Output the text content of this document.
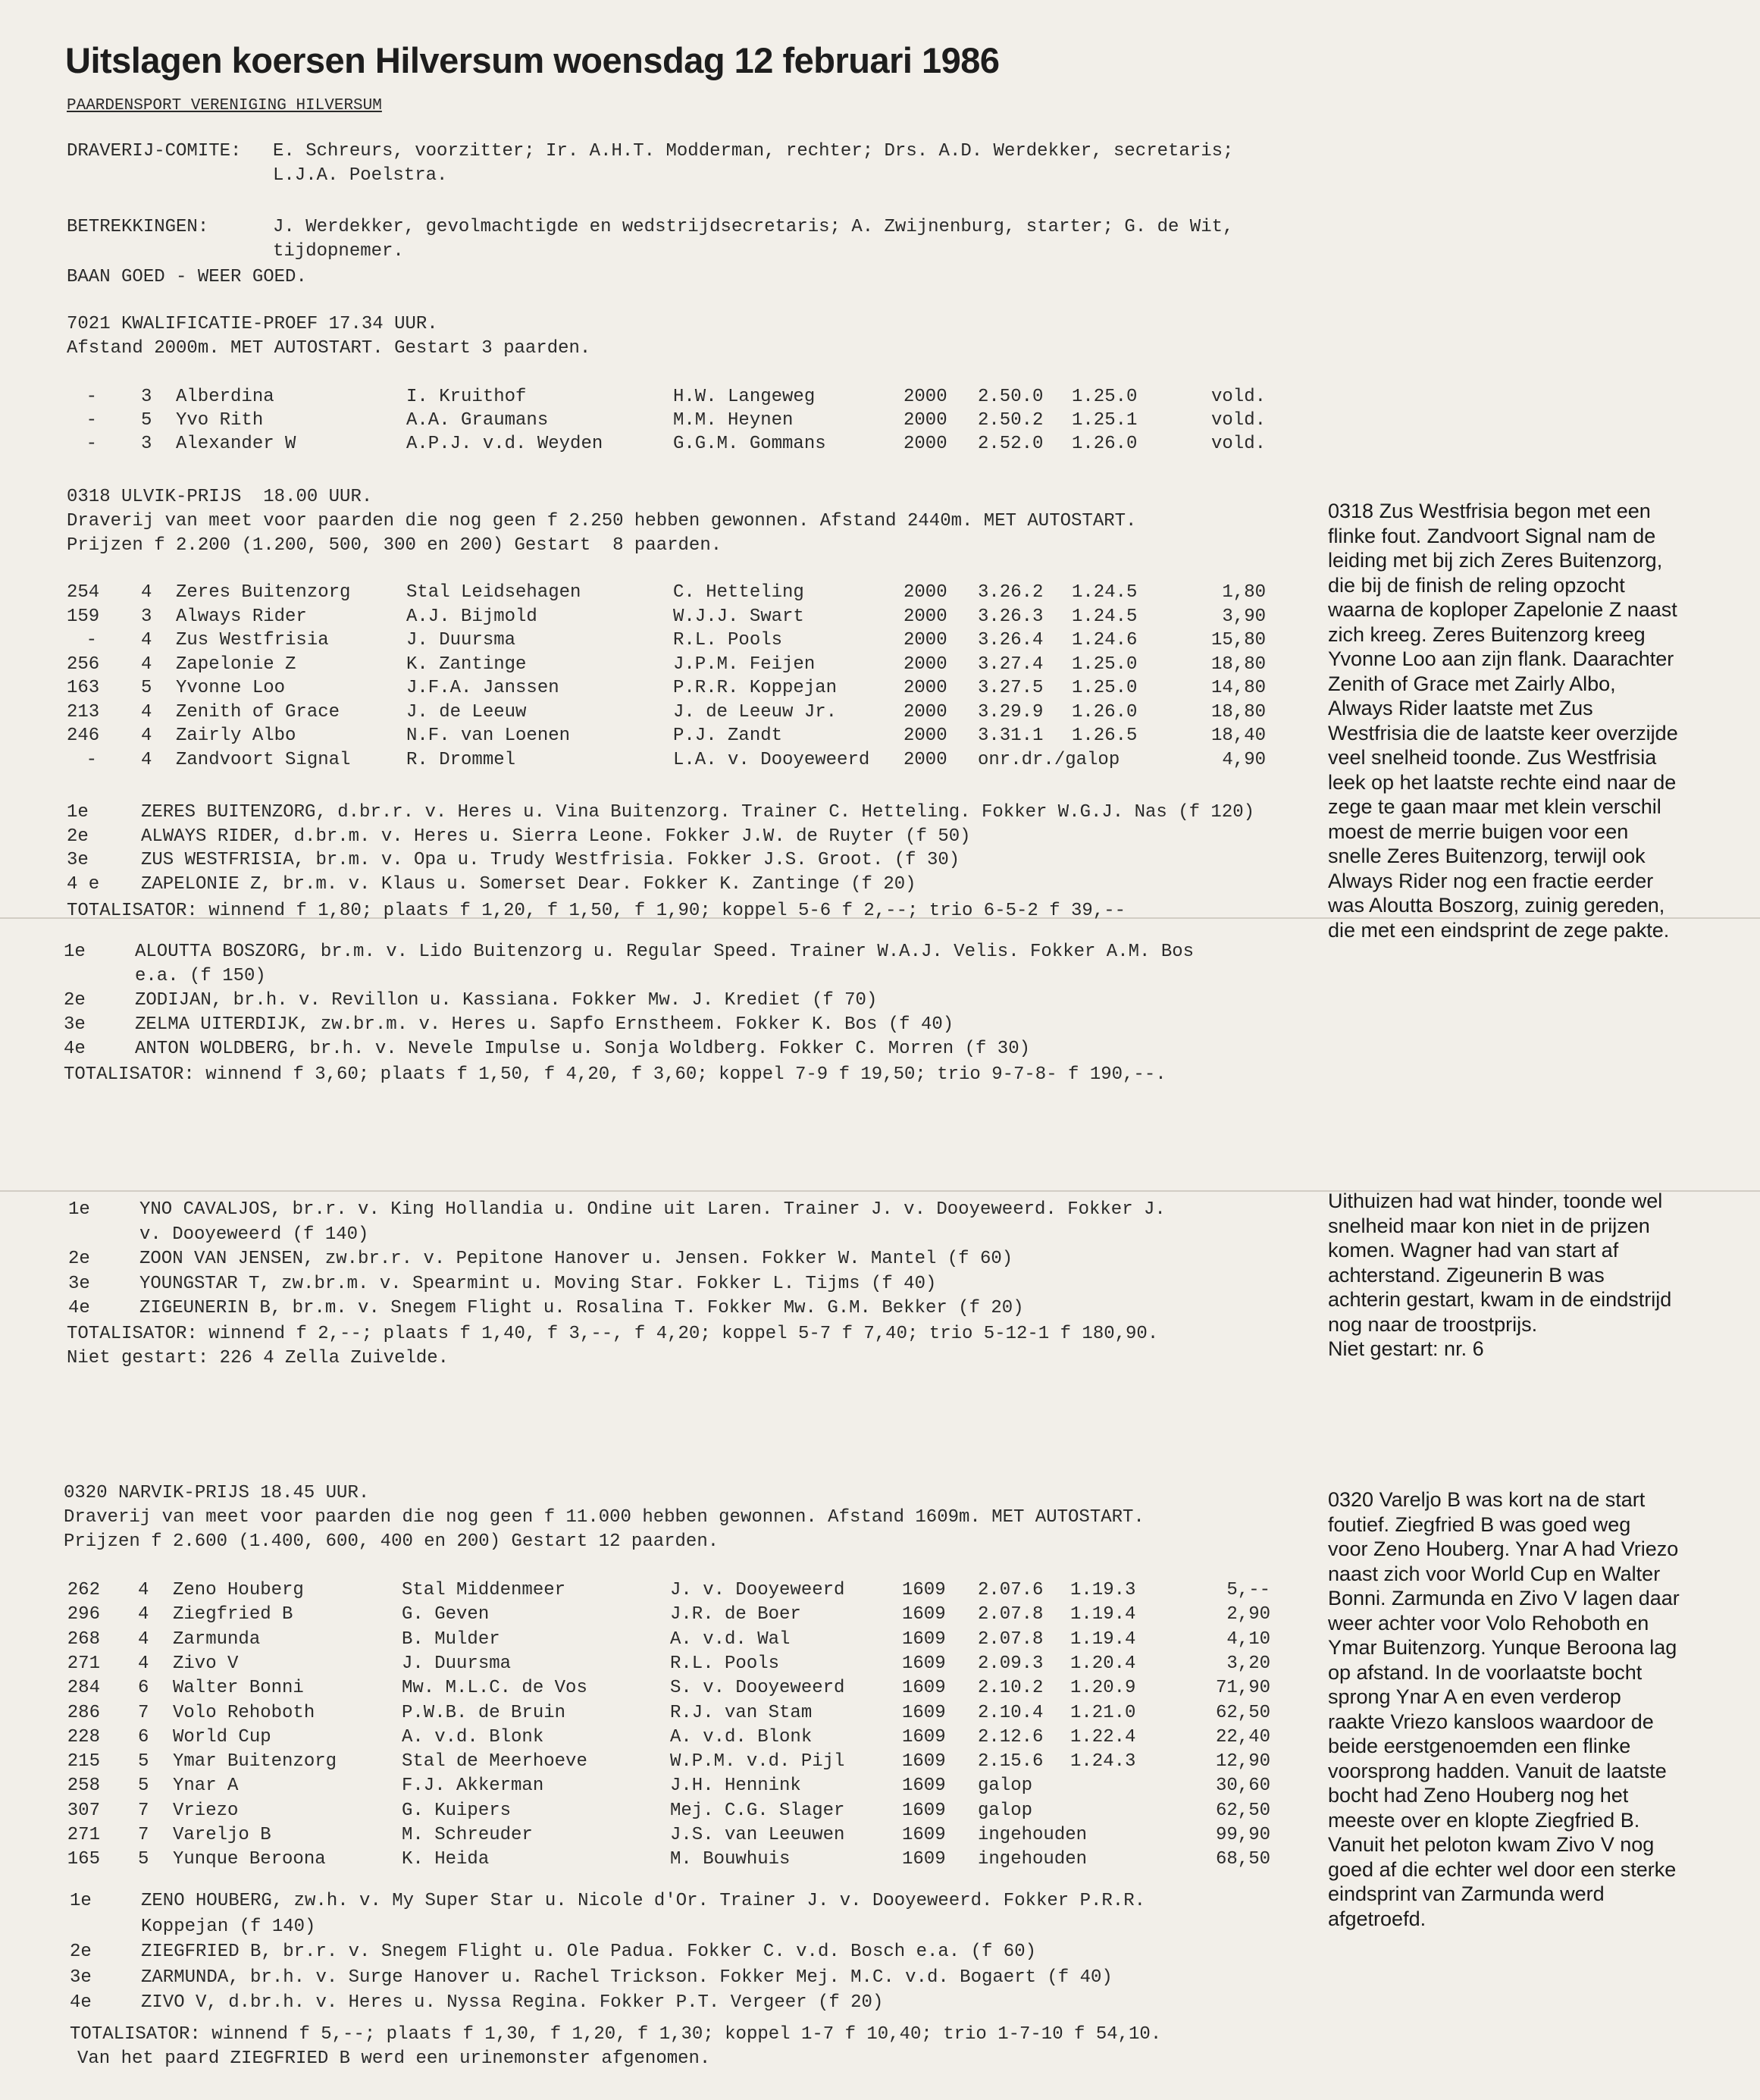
Uitslagen koersen Hilversum woensdag 12 februari 1986
PAARDENSPORT VERENIGING HILVERSUM
DRAVERIJ-COMITE: E. Schreurs, voorzitter; Ir. A.H.T. Modderman, rechter; Drs. A.D. Werdekker, secretaris;
L.J.A. Poelstra.
BETREKKINGEN:	J. Werdekker, gevolmachtigde en wedstrijdsecretaris; A. Zwijnenburg, starter; G. de Wit,
tijdopnemer.
BAAN GOED - WEER GOED.
7021 KWALIFICATIE-PROEF 17.34 UUR.
Afstand 2000m. MET AUTOSTART. Gestart 3 paarden.
- 3 Alberdina	I. Kruithof	H.W. Langeweg	2000 2.50.0 1.25.0	vold.
- 5 Yvo Rith	A.A. Graumans	M.M. Heynen	2000 2.50.2 1.25.1	vold.
- 3 Alexander W	A.P.J. v.d. Weyden	G.G.M. Gommans	2000 2.52.0 1.26.0	vold.
0318 ULVIK-PRIJS  18.00 UUR.
Draverij van meet voor paarden die nog geen f 2.250 hebben gewonnen. Afstand 2440m. MET AUTOSTART.
Prijzen f 2.200 (1.200, 500, 300 en 200) Gestart  8 paarden.
254 4 Zeres Buitenzorg	Stal Leidsehagen	C. Hetteling	2000 3.26.2 1.24.5	1,80
159 3 Always Rider	A.J. Bijmold	W.J.J. Swart	2000 3.26.3 1.24.5	3,90
- 4 Zus Westfrisia	J. Duursma	R.L. Pools	2000 3.26.4 1.24.6	15,80
256 4 Zapelonie Z	K. Zantinge	J.P.M. Feijen	2000 3.27.4 1.25.0	18,80
163 5 Yvonne Loo	J.F.A. Janssen	P.R.R. Koppejan	2000 3.27.5 1.25.0	14,80
213 4 Zenith of Grace	J. de Leeuw	J. de Leeuw Jr.	2000 3.29.9 1.26.0	18,80
246 4 Zairly Albo	N.F. van Loenen	P.J. Zandt	2000 3.31.1 1.26.5	18,40
- 4 Zandvoort Signal	R. Drommel	L.A. v. Dooyeweerd 2000 onr.dr./galop	4,90
1e	ZERES BUITENZORG, d.br.r. v. Heres u. Vina Buitenzorg. Trainer C. Hetteling. Fokker W.G.J. Nas (f 120)
2e	ALWAYS RIDER, d.br.m. v. Heres u. Sierra Leone. Fokker J.W. de Ruyter (f 50)
3e	ZUS WESTFRISIA, br.m. v. Opa u. Trudy Westfrisia. Fokker J.S. Groot. (f 30)
4 e ZAPELONIE Z, br.m. v. Klaus u. Somerset Dear. Fokker K. Zantinge (f 20)
TOTALISATOR: winnend f 1,80; plaats f 1,20, f 1,50, f 1,90; koppel 5-6 f 2,--; trio 6-5-2 f 39,--
0318 Zus Westfrisia begon met een
flinke fout. Zandvoort Signal nam de
leiding met bij zich Zeres Buitenzorg,
die bij de finish de reling opzocht
waarna de koploper Zapelonie Z naast
zich kreeg. Zeres Buitenzorg kreeg
Yvonne Loo aan zijn flank. Daarachter
Zenith of Grace met Zairly Albo,
Always Rider laatste met Zus
Westfrisia die de laatste keer overzijde
veel snelheid toonde. Zus Westfrisia
leek op het laatste rechte eind naar de
zege te gaan maar met klein verschil
moest de merrie buigen voor een
snelle Zeres Buitenzorg, terwijl ook
Always Rider nog een fractie eerder
was Aloutta Boszorg, zuinig gereden,
die met een eindsprint de zege pakte.
1e	ALOUTTA BOSZORG, br.m. v. Lido Buitenzorg u. Regular Speed. Trainer W.A.J. Velis. Fokker A.M. Bos
e.a. (f 150)
2e	ZODIJAN, br.h. v. Revillon u. Kassiana. Fokker Mw. J. Krediet (f 70)
3e	ZELMA UITERDIJK, zw.br.m. v. Heres u. Sapfo Ernstheem. Fokker K. Bos (f 40)
4e	ANTON WOLDBERG, br.h. v. Nevele Impulse u. Sonja Woldberg. Fokker C. Morren (f 30)
TOTALISATOR: winnend f 3,60; plaats f 1,50, f 4,20, f 3,60; koppel 7-9 f 19,50; trio 9-7-8- f 190,--.
1e	YNO CAVALJOS, br.r. v. King Hollandia u. Ondine uit Laren. Trainer J. v. Dooyeweerd. Fokker J.
v. Dooyeweerd (f 140)
2e	ZOON VAN JENSEN, zw.br.r. v. Pepitone Hanover u. Jensen. Fokker W. Mantel (f 60)
3e	YOUNGSTAR T, zw.br.m. v. Spearmint u. Moving Star. Fokker L. Tijms (f 40)
4e	ZIGEUNERIN B, br.m. v. Snegem Flight u. Rosalina T. Fokker Mw. G.M. Bekker (f 20)
TOTALISATOR: winnend f 2,--; plaats f 1,40, f 3,--, f 4,20; koppel 5-7 f 7,40; trio 5-12-1 f 180,90.
Niet gestart: 226 4 Zella Zuivelde.
Uithuizen had wat hinder, toonde wel
snelheid maar kon niet in de prijzen
komen. Wagner had van start af
achterstand. Zigeunerin B was
achterin gestart, kwam in de eindstrijd
nog naar de troostprijs.
Niet gestart: nr. 6
0320 NARVIK-PRIJS 18.45 UUR.
Draverij van meet voor paarden die nog geen f 11.000 hebben gewonnen. Afstand 1609m. MET AUTOSTART.
Prijzen f 2.600 (1.400, 600, 400 en 200) Gestart 12 paarden.
262 4 Zeno Houberg	Stal Middenmeer	J. v. Dooyeweerd	1609 2.07.6 1.19.3	5,--
296 4 Ziegfried B	G. Geven	J.R. de Boer	1609 2.07.8 1.19.4	2,90
268 4 Zarmunda	B. Mulder	A. v.d. Wal	1609 2.07.8 1.19.4	4,10
271 4 Zivo V	J. Duursma	R.L. Pools	1609 2.09.3 1.20.4	3,20
284 6 Walter Bonni	Mw. M.L.C. de Vos	S. v. Dooyeweerd	1609 2.10.2 1.20.9	71,90
286 7 Volo Rehoboth	P.W.B. de Bruin	R.J. van Stam	1609 2.10.4 1.21.0	62,50
228 6 World Cup	A. v.d. Blonk	A. v.d. Blonk	1609 2.12.6 1.22.4	22,40
215 5 Ymar Buitenzorg	Stal de Meerhoeve	W.P.M. v.d. Pijl	1609 2.15.6 1.24.3	12,90
258 5 Ynar A	F.J. Akkerman	J.H. Hennink	1609 galop	30,60
307 7 Vriezo	G. Kuipers	Mej. C.G. Slager	1609 galop	62,50
271 7 Vareljo B	M. Schreuder	J.S. van Leeuwen	1609 ingehouden	99,90
165 5 Yunque Beroona	K. Heida	M. Bouwhuis	1609 ingehouden	68,50
1e	ZENO HOUBERG, zw.h. v. My Super Star u. Nicole d'Or. Trainer J. v. Dooyeweerd. Fokker P.R.R.
Koppejan (f 140)
2e	ZIEGFRIED B, br.r. v. Snegem Flight u. Ole Padua. Fokker C. v.d. Bosch e.a. (f 60)
3e	ZARMUNDA, br.h. v. Surge Hanover u. Rachel Trickson. Fokker Mej. M.C. v.d. Bogaert (f 40)
4e	ZIVO V, d.br.h. v. Heres u. Nyssa Regina. Fokker P.T. Vergeer (f 20)
TOTALISATOR: winnend f 5,--; plaats f 1,30, f 1,20, f 1,30; koppel 1-7 f 10,40; trio 1-7-10 f 54,10.
Van het paard ZIEGFRIED B werd een urinemonster afgenomen.
0320 Vareljo B was kort na de start
foutief. Ziegfried B was goed weg
voor Zeno Houberg. Ynar A had Vriezo
naast zich voor World Cup en Walter
Bonni. Zarmunda en Zivo V lagen daar
weer achter voor Volo Rehoboth en
Ymar Buitenzorg. Yunque Beroona lag
op afstand. In de voorlaatste bocht
sprong Ynar A en even verderop
raakte Vriezo kansloos waardoor de
beide eerstgenoemden een flinke
voorsprong hadden. Vanuit de laatste
bocht had Zeno Houberg nog het
meeste over en klopte Ziegfried B.
Vanuit het peloton kwam Zivo V nog
goed af die echter wel door een sterke
eindsprint van Zarmunda werd
afgetroefd.
